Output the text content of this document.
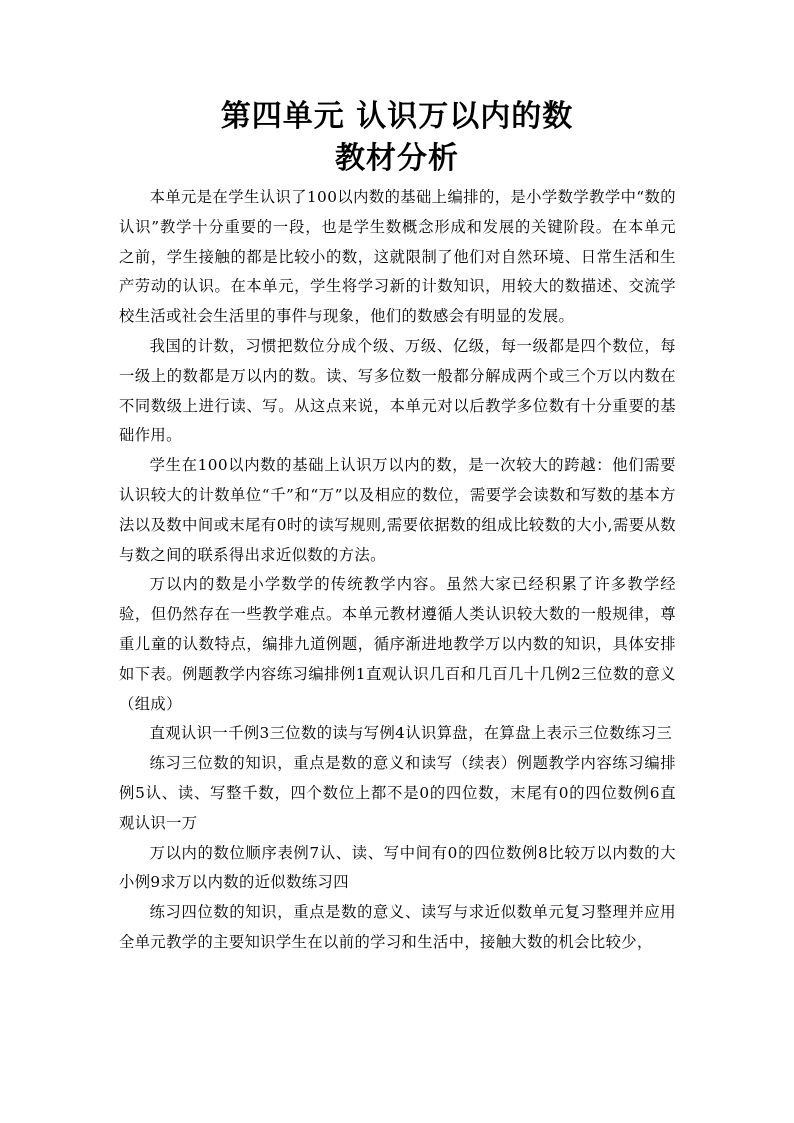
第四单元 认识万以内的数
教材分析

本单元是在学生认识了100以内数的基础上编排的，是小学数学教学中“数的认识”教学十分重要的一段，也是学生数概念形成和发展的关键阶段。在本单元之前，学生接触的都是比较小的数，这就限制了他们对自然环境、日常生活和生产劳动的认识。在本单元，学生将学习新的计数知识，用较大的数描述、交流学校生活或社会生活里的事件与现象，他们的数感会有明显的发展。

我国的计数，习惯把数位分成个级、万级、亿级，每一级都是四个数位，每一级上的数都是万以内的数。读、写多位数一般都分解成两个或三个万以内数在不同数级上进行读、写。从这点来说，本单元对以后教学多位数有十分重要的基础作用。

学生在100以内数的基础上认识万以内的数，是一次较大的跨越：他们需要认识较大的计数单位“千”和“万”以及相应的数位，需要学会读数和写数的基本方法以及数中间或末尾有0时的读写规则,需要依据数的组成比较数的大小,需要从数与数之间的联系得出求近似数的方法。

万以内的数是小学数学的传统教学内容。虽然大家已经积累了许多教学经验，但仍然存在一些教学难点。本单元教材遵循人类认识较大数的一般规律，尊重儿童的认数特点，编排九道例题，循序渐进地教学万以内数的知识，具体安排如下表。例题教学内容练习编排例1直观认识几百和几百几十几例2三位数的意义（组成）

直观认识一千例3三位数的读与写例4认识算盘，在算盘上表示三位数练习三

练习三位数的知识，重点是数的意义和读写（续表）例题教学内容练习编排例5认、读、写整千数，四个数位上都不是0的四位数，末尾有0的四位数例6直观认识一万

万以内的数位顺序表例7认、读、写中间有0的四位数例8比较万以内数的大小例9求万以内数的近似数练习四

练习四位数的知识，重点是数的意义、读写与求近似数单元复习整理并应用全单元教学的主要知识学生在以前的学习和生活中，接触大数的机会比较少，
